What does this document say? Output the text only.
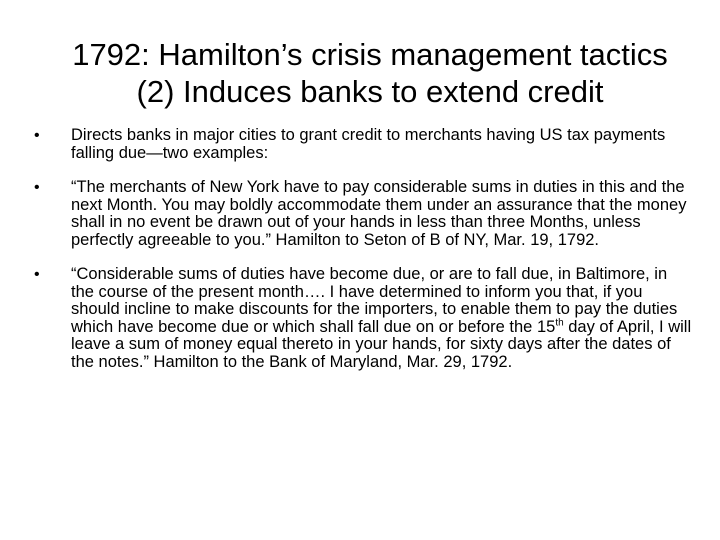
1792: Hamilton’s crisis management tactics
(2) Induces banks to extend credit
• Directs banks in major cities to grant credit to merchants having US tax payments falling due—two examples:
• “The merchants of New York have to pay considerable sums in duties in this and the next Month. You may boldly accommodate them under an assurance that the money shall in no event be drawn out of your hands in less than three Months, unless perfectly agreeable to you.” Hamilton to Seton of B of NY, Mar. 19, 1792.
• “Considerable sums of duties have become due, or are to fall due, in Baltimore, in the course of the present month…. I have determined to inform you that, if you should incline to make discounts for the importers, to enable them to pay the duties which have become due or which shall fall due on or before the 15th day of April, I will leave a sum of money equal thereto in your hands, for sixty days after the dates of the notes.” Hamilton to the Bank of Maryland, Mar. 29, 1792.
